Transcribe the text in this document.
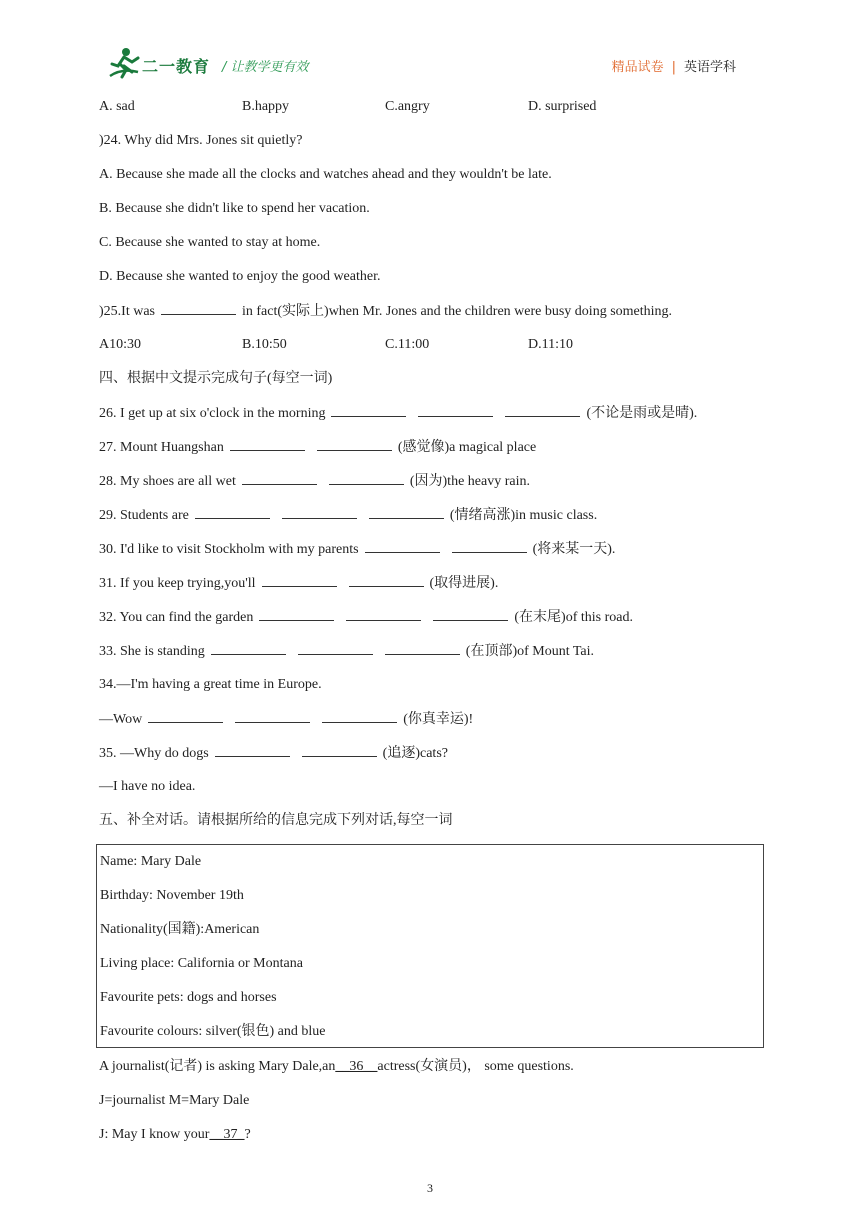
二一教育 / 让教学更有效	精品试卷 | 英语学科
A. sad	B.happy	C.angry	D. surprised
)24. Why did Mrs. Jones sit quietly?
A. Because she made all the clocks and watches ahead and they wouldn't be late.
B. Because she didn't like to spend her vacation.
C. Because she wanted to stay at home.
D. Because she wanted to enjoy the good weather.
)25.It was	in fact(实际上)when Mr. Jones and the children were busy doing something.
A10:30	B.10:50	C.11:00	D.11:10
四、根据中文提示完成句子(每空一词)
26. I get up at six o'clock in the morning	(不论是雨或是晴).
27. Mount Huangshan	(感觉像)a magical place
28. My shoes are all wet	(因为)the heavy rain.
29. Students are	(情绪高涨)in music class.
30. I'd like to visit Stockholm with my parents	(将来某一天).
31. If you keep trying,you'll	(取得进展).
32. You can find the garden	(在末尾)of this road.
33. She is standing	(在顶部)of Mount Tai.
34.—I'm having a great time in Europe.
—Wow	(你真幸运)!
35. —Why do dogs	(追逐)cats?
—I have no idea.
五、补全对话。请根据所给的信息完成下列对话,每空一词
Name: Mary Dale
Birthday: November 19th
Nationality(国籍):American
Living place: California or Montana
Favourite pets: dogs and horses
Favourite colours: silver(银色) and blue
A journalist(记者) is asking Mary Dale,an__36__actress(女演员)， some questions.
J=journalist M=Mary Dale
J: May I know your__37_?
3
